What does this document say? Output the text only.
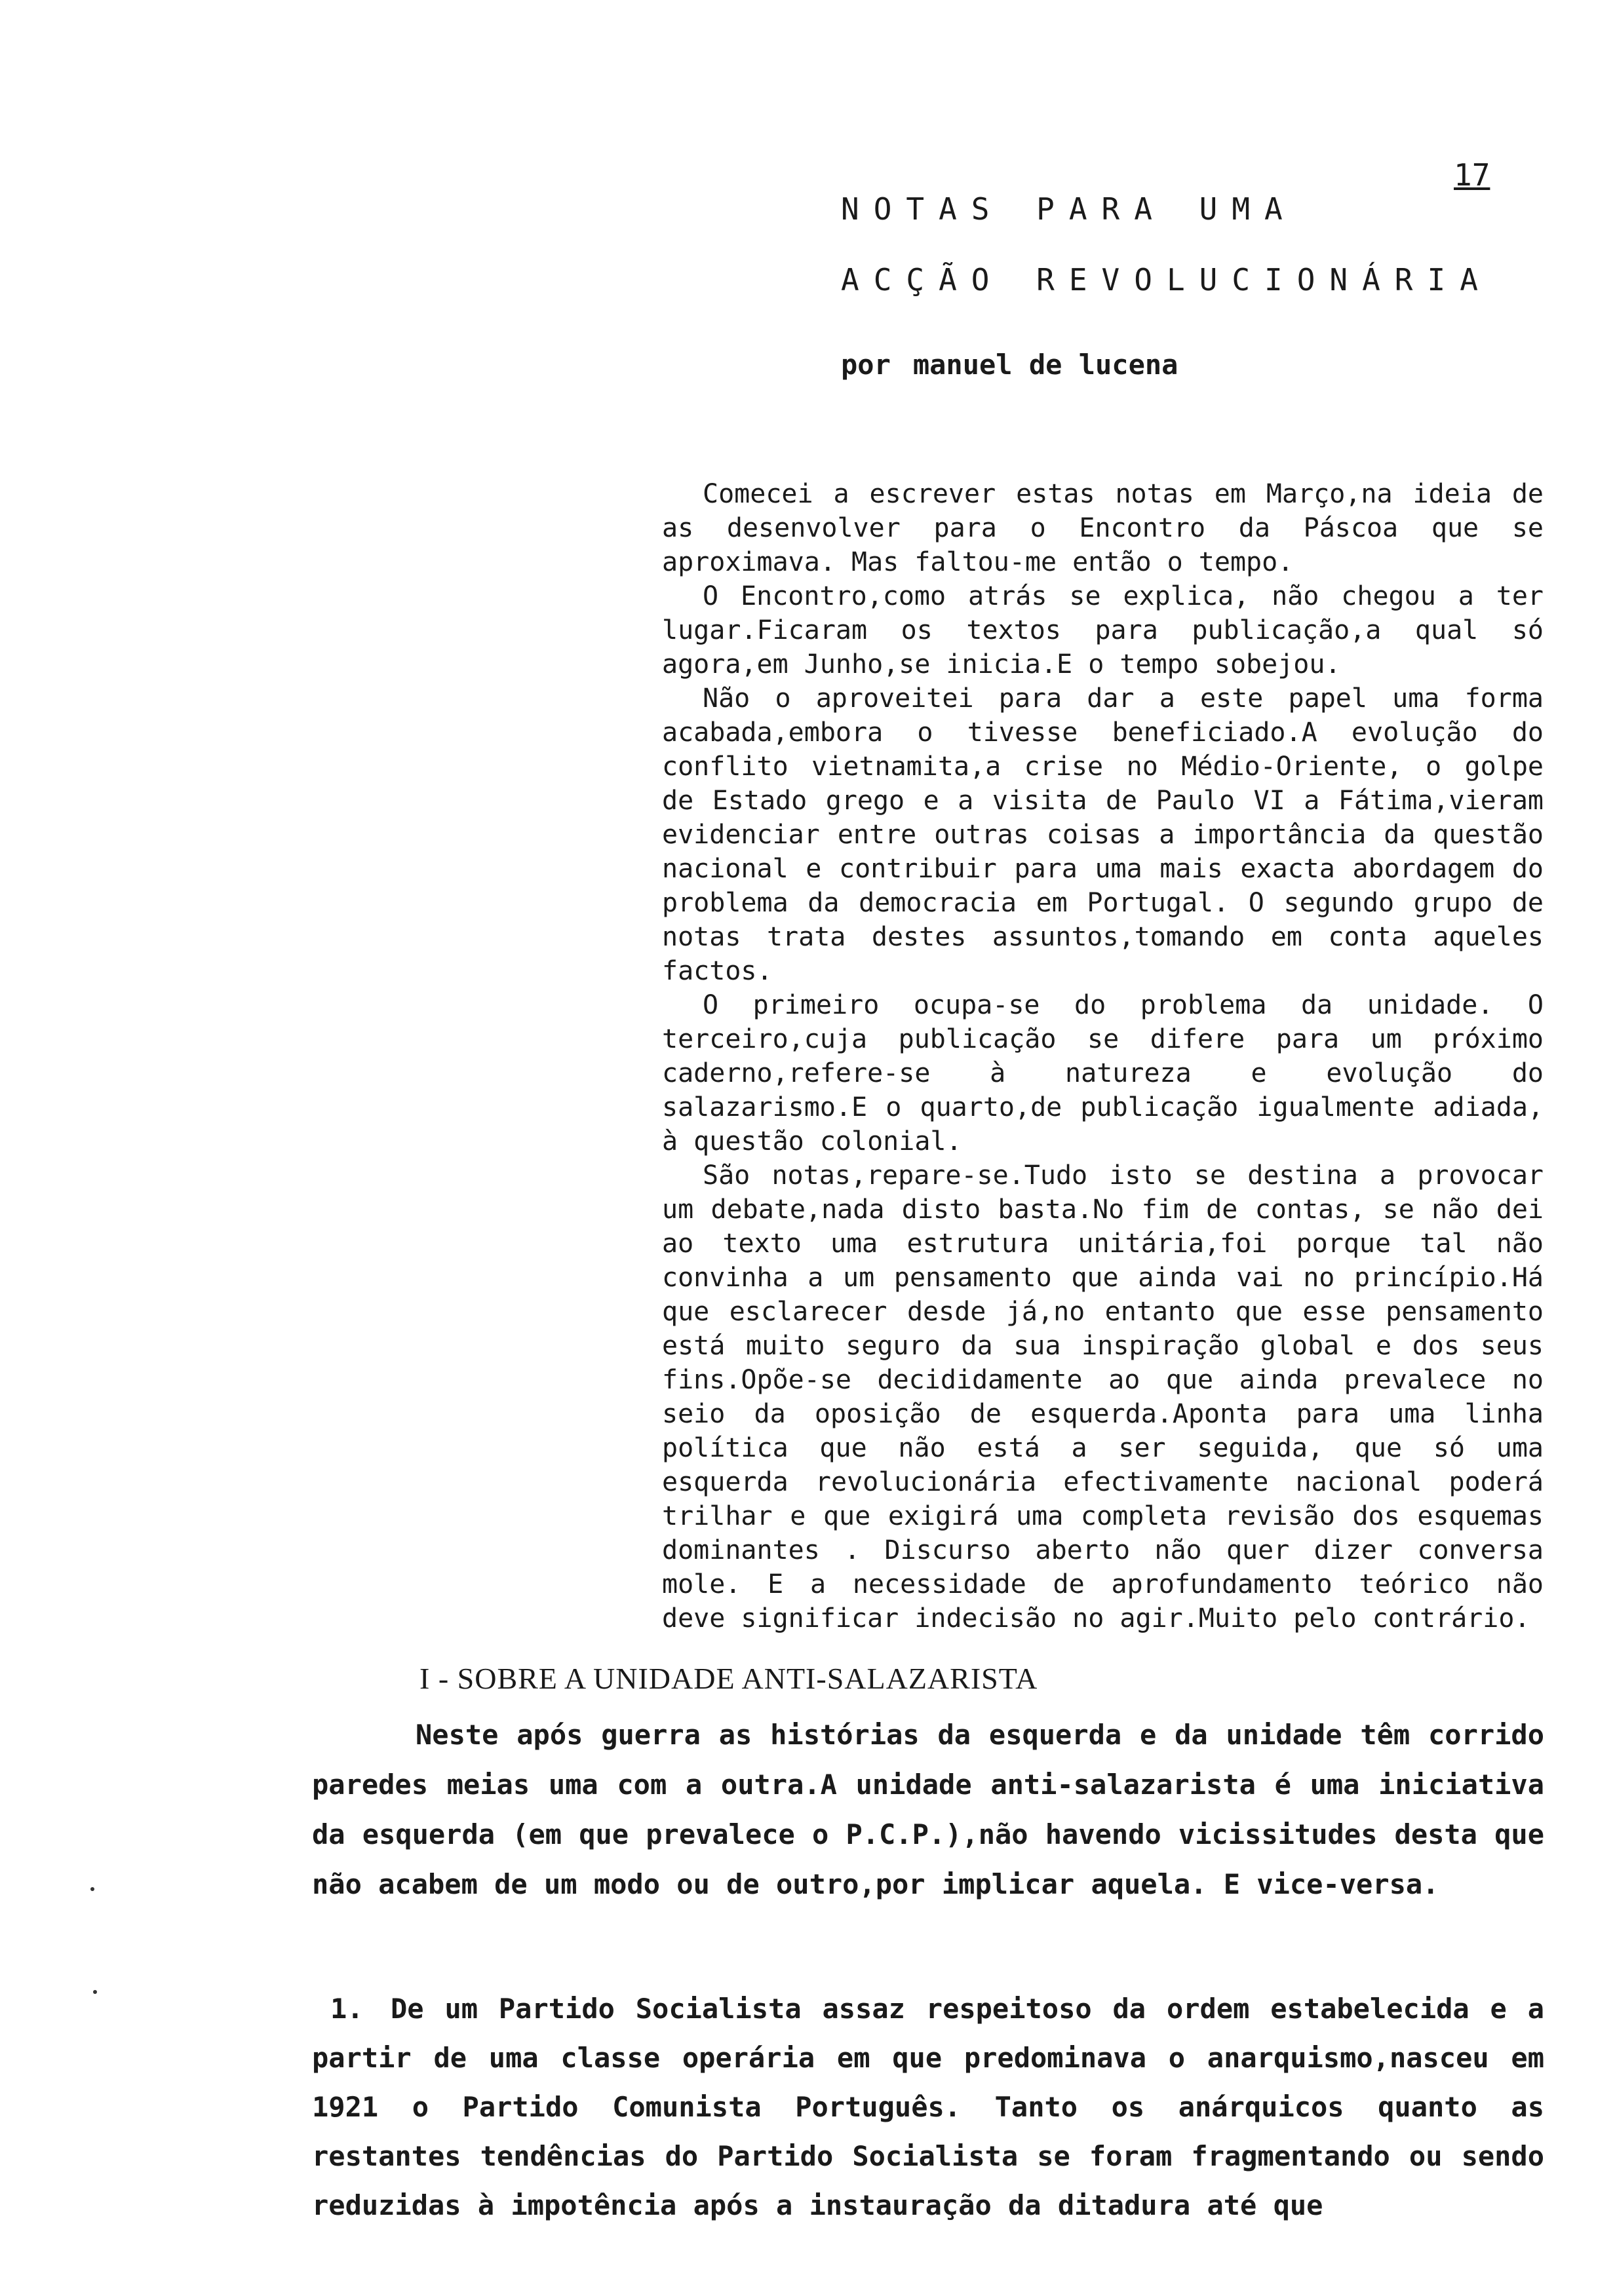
17
NOTAS PARA UMA
ACÇÃO REVOLUCIONÁRIA
por manuel de lucena

Comecei a escrever estas notas em Março,na ideia de as desenvolver para o Encontro da Páscoa que se aproximava. Mas faltou-me então o tempo.

O Encontro,como atrás se explica, não chegou a ter lugar.Ficaram os textos para publicação,a qual só agora,em Junho,se inicia.E o tempo sobejou.

Não o aproveitei para dar a este papel uma forma acabada,embora o tivesse beneficiado.A evolução do conflito vietnamita,a crise no Médio-Oriente, o golpe de Estado grego e a visita de Paulo VI a Fátima,vieram evidenciar entre outras coisas a importância da questão nacional e contribuir para uma mais exacta abordagem do problema da democracia em Portugal. O segundo grupo de notas trata destes assuntos,tomando em conta aqueles factos.

O primeiro ocupa-se do problema da unidade. O terceiro,cuja publicação se difere para um próximo caderno,refere-se à natureza e evolução do salazarismo.E o quarto,de publicação igualmente adiada, à questão colonial.

São notas,repare-se.Tudo isto se destina a provocar um debate,nada disto basta.No fim de contas, se não dei ao texto uma estrutura unitária,foi porque tal não convinha a um pensamento que ainda vai no princípio.Há que esclarecer desde já,no entanto que esse pensamento está muito seguro da sua inspiração global e dos seus fins.Opõe-se decididamente ao que ainda prevalece no seio da oposição de esquerda.Aponta para uma linha política que não está a ser seguida, que só uma esquerda revolucionária efectivamente nacional poderá trilhar e que exigirá uma completa revisão dos esquemas dominantes . Discurso aberto não quer dizer conversa mole. E a necessidade de aprofundamento teórico não deve significar indecisão no agir.Muito pelo contrário.

I - SOBRE A UNIDADE ANTI-SALAZARISTA

Neste após guerra as histórias da esquerda e da unidade têm corrido paredes meias uma com a outra.A unidade anti-salazarista é uma iniciativa da esquerda (em que prevalece o P.C.P.),não havendo vicissitudes desta que não acabem de um modo ou de outro,por implicar aquela. E vice-versa.

1. De um Partido Socialista assaz respeitoso da ordem estabelecida e a partir de uma classe operária em que predominava o anarquismo,nasceu em 1921 o Partido Comunista Português. Tanto os anárquicos quanto as restantes tendências do Partido Socialista se foram fragmentando ou sendo reduzidas à impotência após a instauração da ditadura até que
